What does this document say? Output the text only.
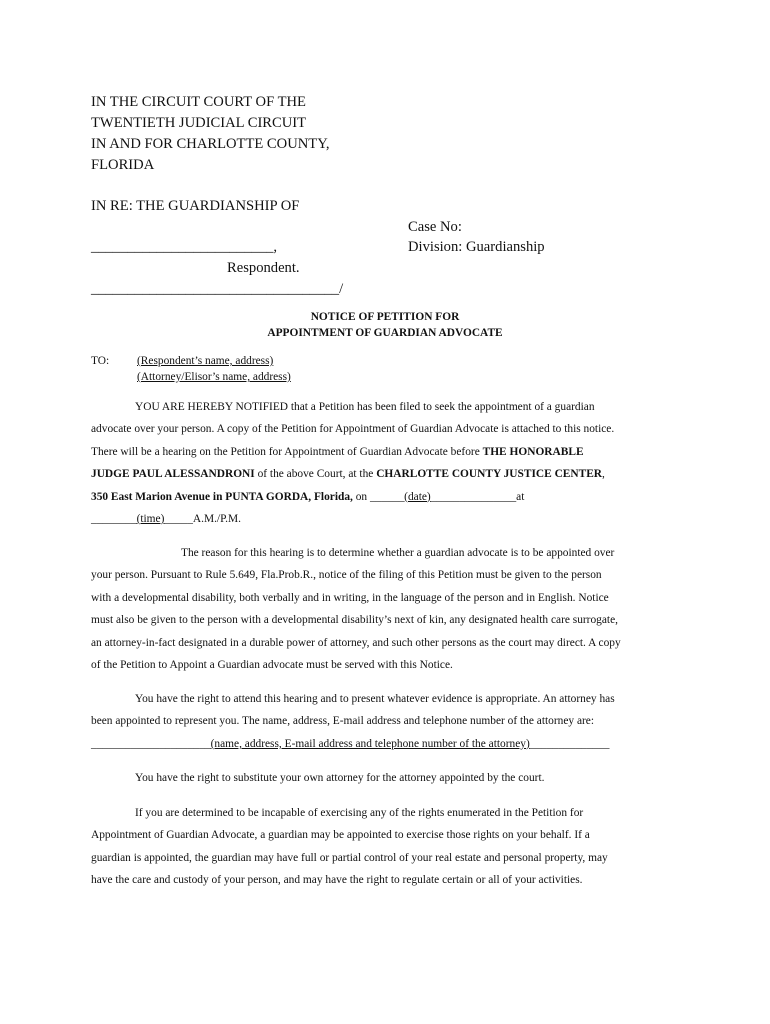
IN THE CIRCUIT COURT OF THE
TWENTIETH JUDICIAL CIRCUIT
IN AND FOR CHARLOTTE COUNTY,
FLORIDA
IN RE: THE GUARDIANSHIP OF
Case No:
Division: Guardianship
_________________________,
Respondent.
__________________________________/
NOTICE OF PETITION FOR
APPOINTMENT OF GUARDIAN ADVOCATE
TO: (Respondent’s name, address)
(Attorney/Elisor’s name, address)
YOU ARE HEREBY NOTIFIED that a Petition has been filed to seek the appointment of a guardian
advocate over your person. A copy of the Petition for Appointment of Guardian Advocate is attached to this notice.
There will be a hearing on the Petition for Appointment of Guardian Advocate before THE HONORABLE
JUDGE PAUL ALESSANDRONI of the above Court, at the CHARLOTTE COUNTY JUSTICE CENTER,
350 East Marion Avenue in PUNTA GORDA, Florida, on ______(date)_______________at
________(time)_____A.M./P.M.
The reason for this hearing is to determine whether a guardian advocate is to be appointed over
your person. Pursuant to Rule 5.649, Fla.Prob.R., notice of the filing of this Petition must be given to the person
with a developmental disability, both verbally and in writing, in the language of the person and in English. Notice
must also be given to the person with a developmental disability’s next of kin, any designated health care surrogate,
an attorney-in-fact designated in a durable power of attorney, and such other persons as the court may direct. A copy
of the Petition to Appoint a Guardian advocate must be served with this Notice.
You have the right to attend this hearing and to present whatever evidence is appropriate. An attorney has
been appointed to represent you. The name, address, E-mail address and telephone number of the attorney are:
_____________________(name, address, E-mail address and telephone number of the attorney)______________
You have the right to substitute your own attorney for the attorney appointed by the court.
If you are determined to be incapable of exercising any of the rights enumerated in the Petition for
Appointment of Guardian Advocate, a guardian may be appointed to exercise those rights on your behalf. If a
guardian is appointed, the guardian may have full or partial control of your real estate and personal property, may
have the care and custody of your person, and may have the right to regulate certain or all of your activities.
